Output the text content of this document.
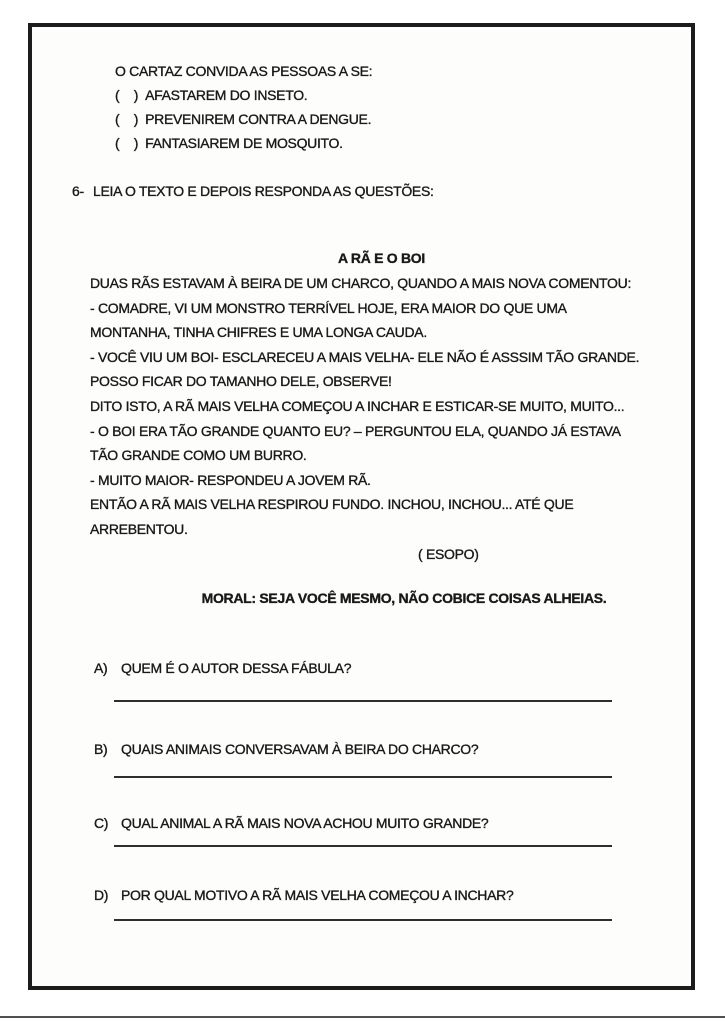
O CARTAZ CONVIDA AS PESSOAS A SE:
(    ) AFASTAREM DO INSETO.
(    ) PREVENIREM CONTRA A DENGUE.
(    ) FANTASIAREM DE MOSQUITO.
6- LEIA O TEXTO E DEPOIS RESPONDA AS QUESTÕES:
A RÃ E O BOI
DUAS RÃS ESTAVAM À BEIRA DE UM CHARCO, QUANDO A MAIS NOVA COMENTOU:
- COMADRE, VI UM MONSTRO TERRÍVEL HOJE, ERA MAIOR DO QUE UMA
MONTANHA, TINHA CHIFRES E UMA LONGA CAUDA.
- VOCÊ VIU UM BOI- ESCLARECEU A MAIS VELHA- ELE NÃO É ASSSIM TÃO GRANDE.
POSSO FICAR DO TAMANHO DELE, OBSERVE!
DITO ISTO, A RÃ MAIS VELHA COMEÇOU A INCHAR E ESTICAR-SE MUITO, MUITO...
- O BOI ERA TÃO GRANDE QUANTO EU? – PERGUNTOU ELA, QUANDO JÁ ESTAVA
TÃO GRANDE COMO UM BURRO.
- MUITO MAIOR- RESPONDEU A JOVEM RÃ.
ENTÃO A RÃ MAIS VELHA RESPIROU FUNDO. INCHOU, INCHOU... ATÉ QUE
ARREBENTOU.
( ESOPO)
MORAL: SEJA VOCÊ MESMO, NÃO COBICE COISAS ALHEIAS.
A) QUEM É O AUTOR DESSA FÁBULA?
B) QUAIS ANIMAIS CONVERSAVAM À BEIRA DO CHARCO?
C) QUAL ANIMAL A RÃ MAIS NOVA ACHOU MUITO GRANDE?
D) POR QUAL MOTIVO A RÃ MAIS VELHA COMEÇOU A INCHAR?
